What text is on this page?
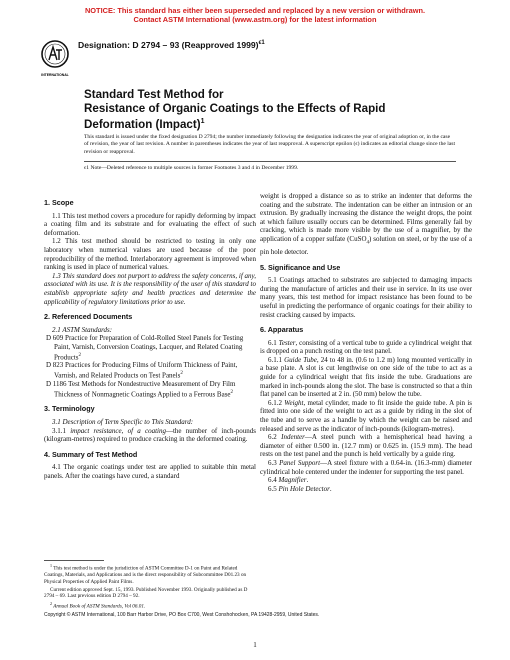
NOTICE: This standard has either been superseded and replaced by a new version or withdrawn.
Contact ASTM International (www.astm.org) for the latest information
INTERNATIONAL
Designation: D 2794 – 93 (Reapproved 1999)$^{\epsilon 1}$
Standard Test Method for
Resistance of Organic Coatings to the Effects of Rapid
Deformation (Impact)$^1$
This standard is issued under the fixed designation D 2794; the number immediately following the designation indicates the year of original adoption or, in the case of revision, the year of last revision. A number in parentheses indicates the year of last reapproval. A superscript epsilon (ϵ) indicates an editorial change since the last revision or reapproval.
ϵ1 Note—Deleted reference to multiple sources in former Footnotes 3 and 4 in December 1999.
1. Scope

1.1 This test method covers a procedure for rapidly deforming by impact a coating film and its substrate and for evaluating the effect of such deformation.

1.2 This test method should be restricted to testing in only one laboratory when numerical values are used because of the poor reproducibility of the method. Interlaboratory agreement is improved when ranking is used in place of numerical values.

1.3 This standard does not purport to address the safety concerns, if any, associated with its use. It is the responsibility of the user of this standard to establish appropriate safety and health practices and determine the applicability of regulatory limitations prior to use.

2. Referenced Documents

2.1 ASTM Standards:

D 609 Practice for Preparation of Cold-Rolled Steel Panels for Testing Paint, Varnish, Conversion Coatings, Lacquer, and Related Coating Products$^2$

D 823 Practices for Producing Films of Uniform Thickness of Paint, Varnish, and Related Products on Test Panels$^2$

D 1186 Test Methods for Nondestructive Measurement of Dry Film Thickness of Nonmagnetic Coatings Applied to a Ferrous Base$^2$

3. Terminology

3.1 Description of Term Specific to This Standard:

3.1.1 impact resistance, of a coating—the number of inch-pounds (kilogram-metres) required to produce cracking in the deformed coating.

4. Summary of Test Method

4.1 The organic coatings under test are applied to suitable thin metal panels. After the coatings have cured, a standard

weight is dropped a distance so as to strike an indenter that deforms the coating and the substrate. The indentation can be either an intrusion or an extrusion. By gradually increasing the distance the weight drops, the point at which failure usually occurs can be determined. Films generally fail by cracking, which is made more visible by the use of a magnifier, by the application of a copper sulfate (CuSO$_4$) solution on steel, or by the use of a pin hole detector.

5. Significance and Use

5.1 Coatings attached to substrates are subjected to damaging impacts during the manufacture of articles and their use in service. In its use over many years, this test method for impact resistance has been found to be useful in predicting the performance of organic coatings for their ability to resist cracking caused by impacts.

6. Apparatus

6.1 Tester, consisting of a vertical tube to guide a cylindrical weight that is dropped on a punch resting on the test panel.

6.1.1 Guide Tube, 24 to 48 in. (0.6 to 1.2 m) long mounted vertically in a base plate. A slot is cut lengthwise on one side of the tube to act as a guide for a cylindrical weight that fits inside the tube. Graduations are marked in inch-pounds along the slot. The base is constructed so that a thin flat panel can be inserted at 2 in. (50 mm) below the tube.

6.1.2 Weight, metal cylinder, made to fit inside the guide tube. A pin is fitted into one side of the weight to act as a guide by riding in the slot of the tube and to serve as a handle by which the weight can be raised and released and serve as the indicator of inch-pounds (kilogram-metres).

6.2 Indenter—A steel punch with a hemispherical head having a diameter of either 0.500 in. (12.7 mm) or 0.625 in. (15.9 mm). The head rests on the test panel and the punch is held vertically by a guide ring.

6.3 Panel Support—A steel fixture with a 0.64-in. (16.3-mm) diameter cylindrical hole centered under the indenter for supporting the test panel.

6.4 Magnifier.

6.5 Pin Hole Detector.

$^1$ This test method is under the jurisdiction of ASTM Committee D-1 on Paint and Related Coatings, Materials, and Applications and is the direct responsibility of Subcommittee D01.23 on Physical Properties of Applied Paint Films.

Current edition approved Sept. 15, 1993. Published November 1993. Originally published as D 2794 – 69. Last previous edition D 2794 – 92.

$^2$ Annual Book of ASTM Standards, Vol 06.01.

Copyright © ASTM International, 100 Barr Harbor Drive, PO Box C700, West Conshohocken, PA 19428-2959, United States.
1
